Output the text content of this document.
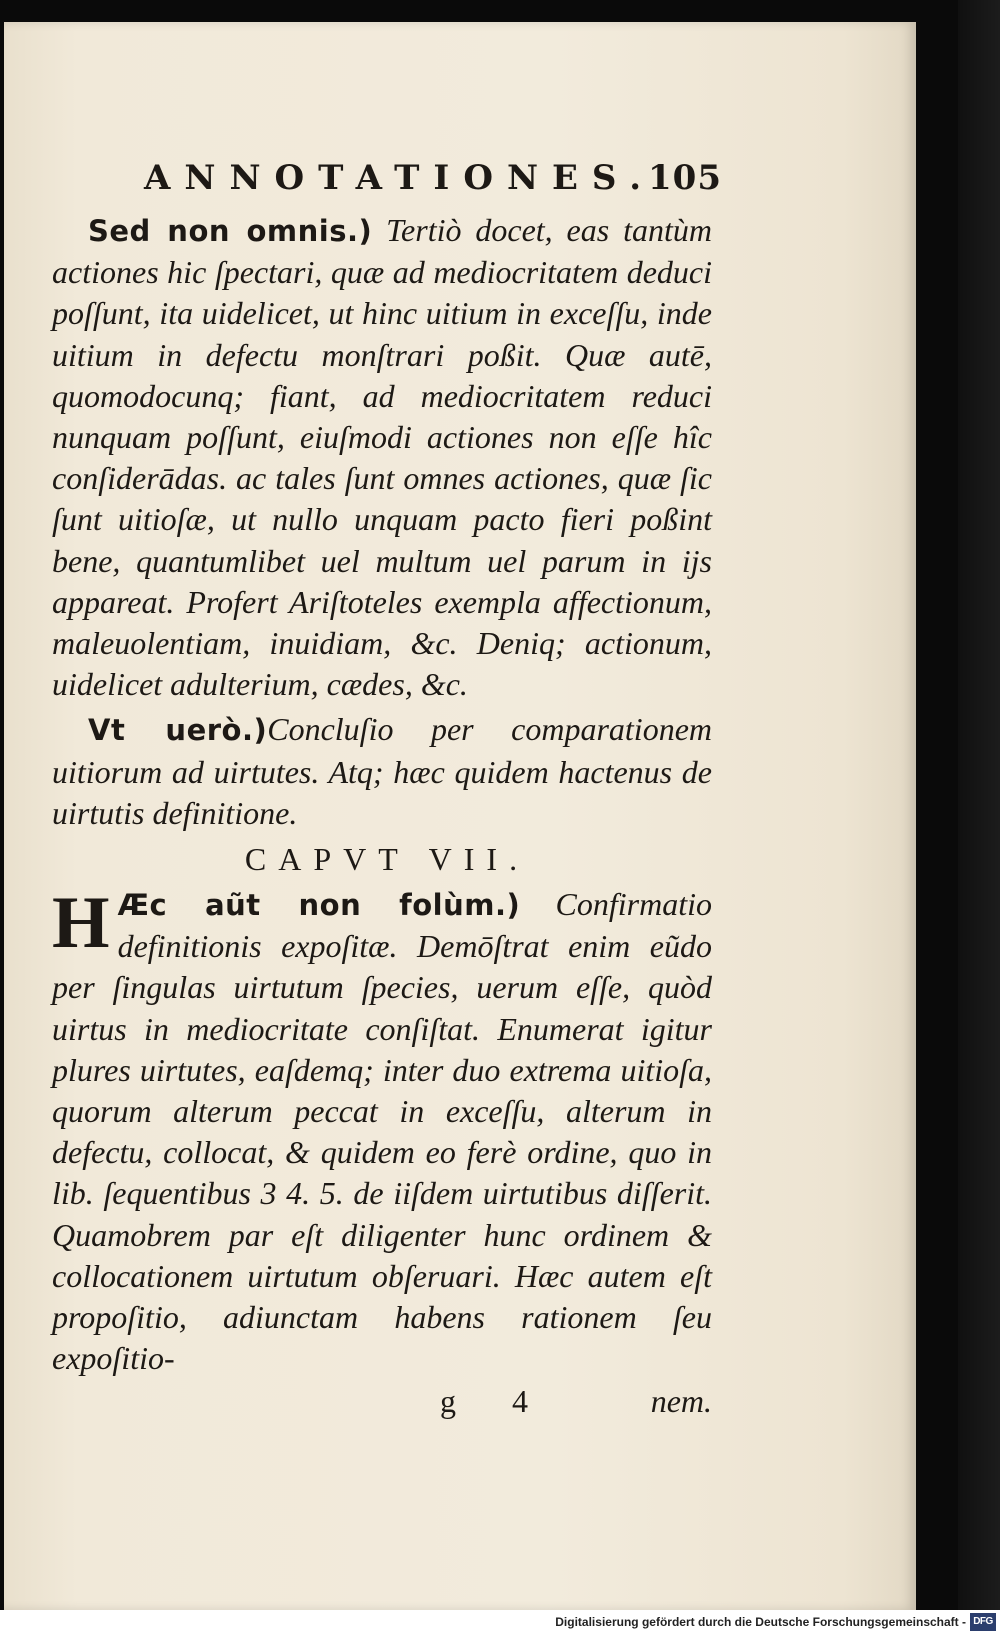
ANNOTATIONES.
105

Sed non omnis.) Tertiò docet, eas tantùm actiones hic ſpectari, quæ ad mediocritatem deduci poſſunt, ita uidelicet, ut hinc uitium in exceſſu, inde uitium in defectu monſtrari poßit. Quæ autē, quomodocunq; fiant, ad mediocritatem reduci nunquam poſſunt, eiuſmodi actiones non eſſe hîc conſiderādas. ac tales ſunt omnes actiones, quæ ſic ſunt uitioſæ, ut nullo unquam pacto fieri poßint bene, quantumlibet uel multum uel parum in ijs appareat. Profert Ariſtoteles exempla affectionum, maleuolentiam, inuidiam, &c. Deniq; actionum, uidelicet adulterium, cædes, &c.

Vt uerò.)Concluſio per comparationem uitiorum ad uirtutes. Atq; hæc quidem hactenus de uirtutis definitione.

CAPVT VII.

H Æc aũt non folùm.) Confirmatio definitionis expoſitæ. Demōſtrat enim eũdo per ſingulas uirtutum ſpecies, uerum eſſe, quòd uirtus in mediocritate conſiſtat. Enumerat igitur plures uirtutes, eaſdemq; inter duo extrema uitioſa, quorum alterum peccat in exceſſu, alterum in defectu, collocat, & quidem eo ferè ordine, quo in lib. ſequentibus 3 4. 5. de iiſdem uirtutibus diſſerit. Quamobrem par eſt diligenter hunc ordinem & collocationem uirtutum obſeruari. Hæc autem eſt propoſitio, adiunctam habens rationem ſeu expoſitio-

g 4	nem.
Digitalisierung gefördert durch die Deutsche Forschungsgemeinschaft - DFG
